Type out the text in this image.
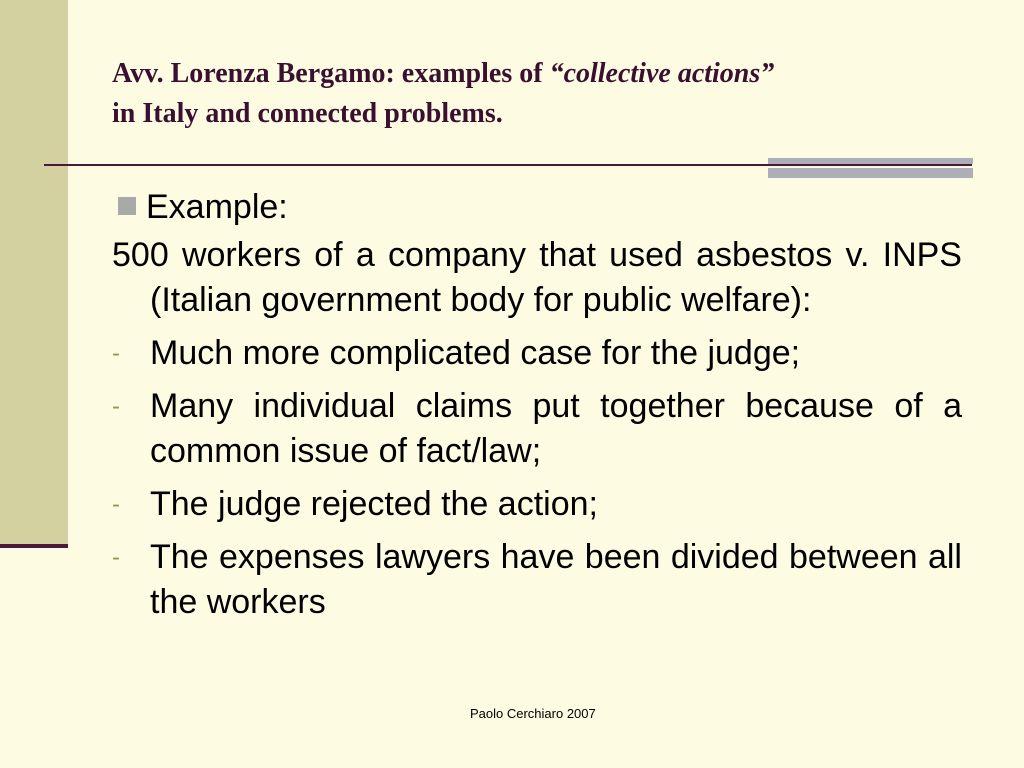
Avv. Lorenza Bergamo: examples of “collective actions”
in Italy and connected problems.
Example:
500 workers of a company that used asbestos v. INPS (Italian government body for public welfare):
- Much more complicated case for the judge;
- Many individual claims put together because of a common issue of fact/law;
- The judge rejected the action;
- The expenses lawyers have been divided between all the workers
Paolo Cerchiaro 2007
